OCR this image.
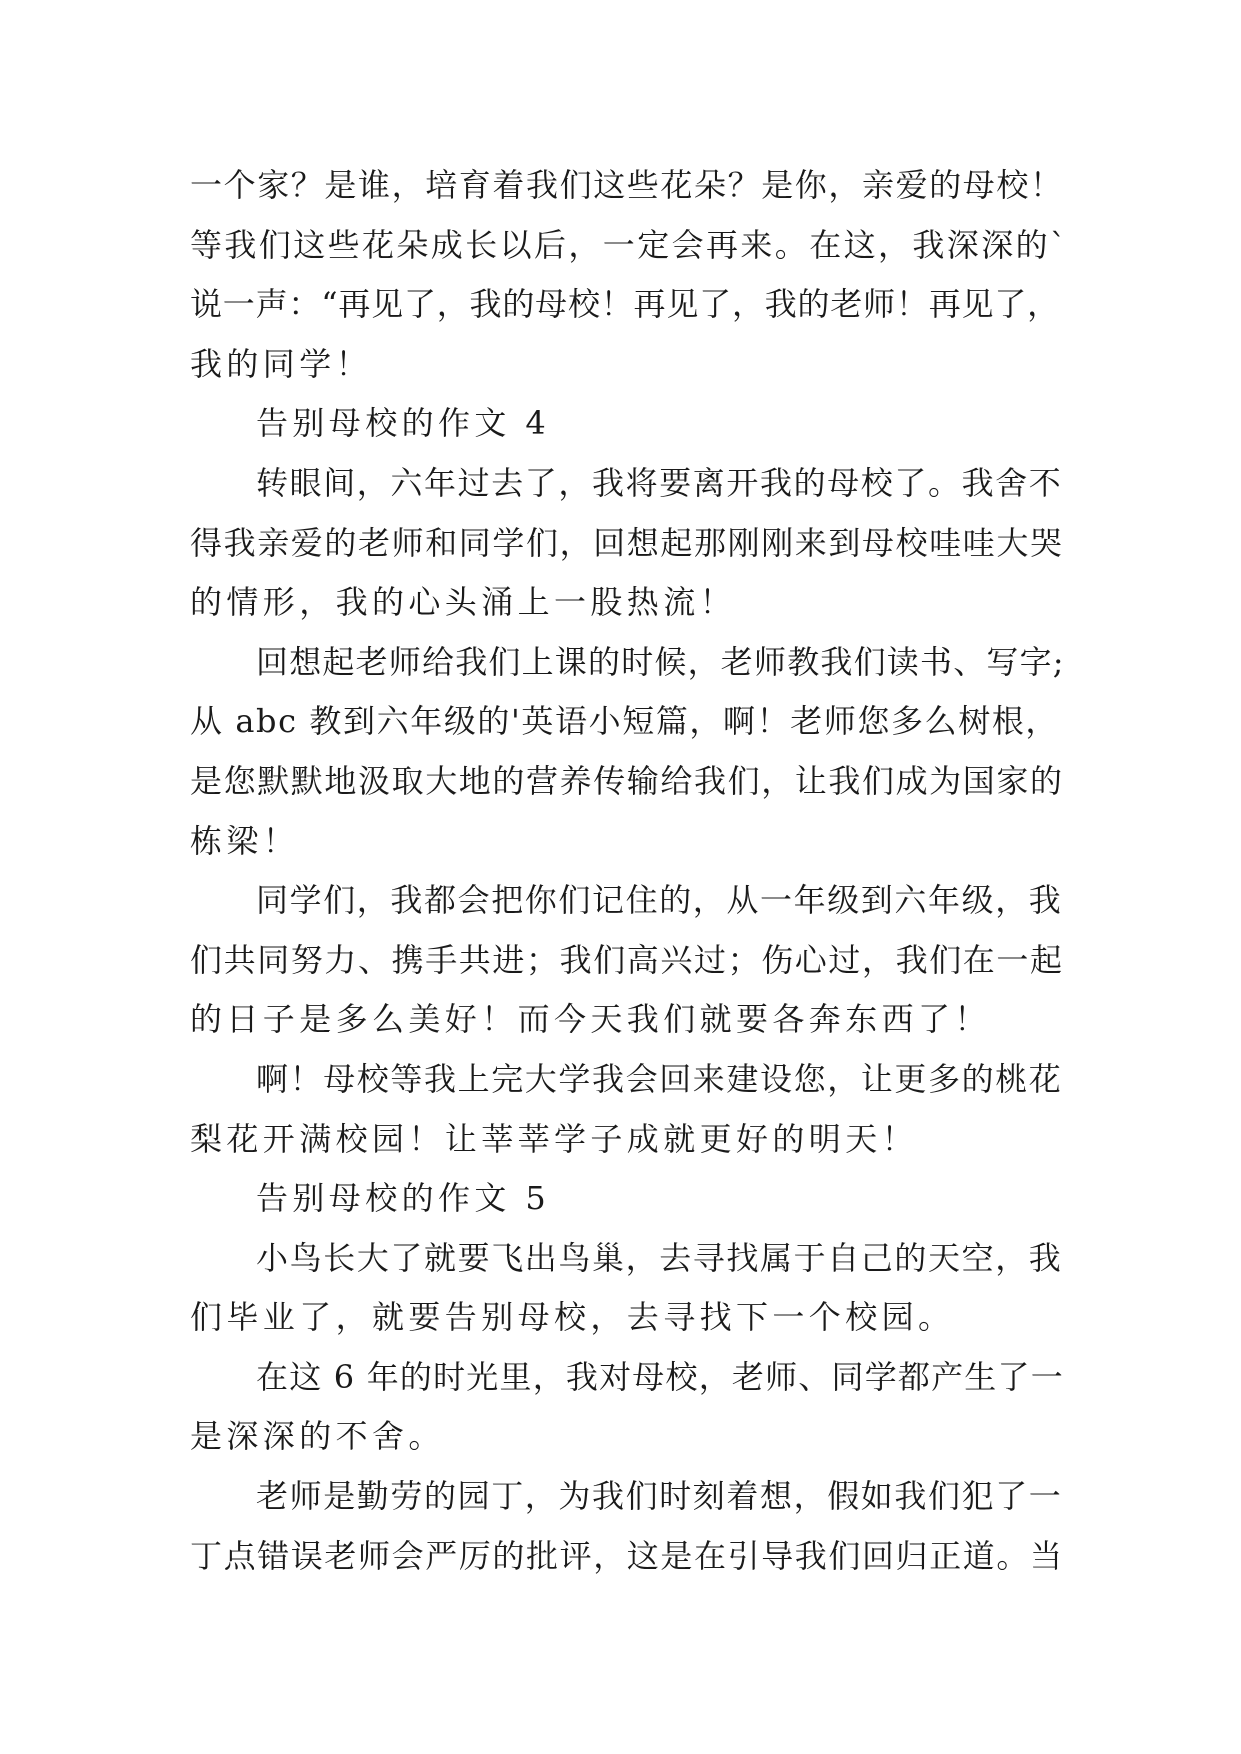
一个家？是谁，培育着我们这些花朵？是你，亲爱的母校！
等我们这些花朵成长以后，一定会再来。在这，我深深的`
说一声：“再见了，我的母校！再见了，我的老师！再见了，
我的同学！
告别母校的作文 4
转眼间，六年过去了，我将要离开我的母校了。我舍不
得我亲爱的老师和同学们，回想起那刚刚来到母校哇哇大哭
的情形，我的心头涌上一股热流！
回想起老师给我们上课的时候，老师教我们读书、写字;
从 abc 教到六年级的'英语小短篇，啊！老师您多么树根，
是您默默地汲取大地的营养传输给我们，让我们成为国家的
栋梁！
同学们，我都会把你们记住的，从一年级到六年级，我
们共同努力、携手共进；我们高兴过；伤心过，我们在一起
的日子是多么美好！而今天我们就要各奔东西了！
啊！母校等我上完大学我会回来建设您，让更多的桃花
梨花开满校园！让莘莘学子成就更好的明天！
告别母校的作文 5
小鸟长大了就要飞出鸟巢，去寻找属于自己的天空，我
们毕业了，就要告别母校，去寻找下一个校园。
在这 6 年的时光里，我对母校，老师、同学都产生了一
是深深的不舍。
老师是勤劳的园丁，为我们时刻着想，假如我们犯了一
丁点错误老师会严厉的批评，这是在引导我们回归正道。当
